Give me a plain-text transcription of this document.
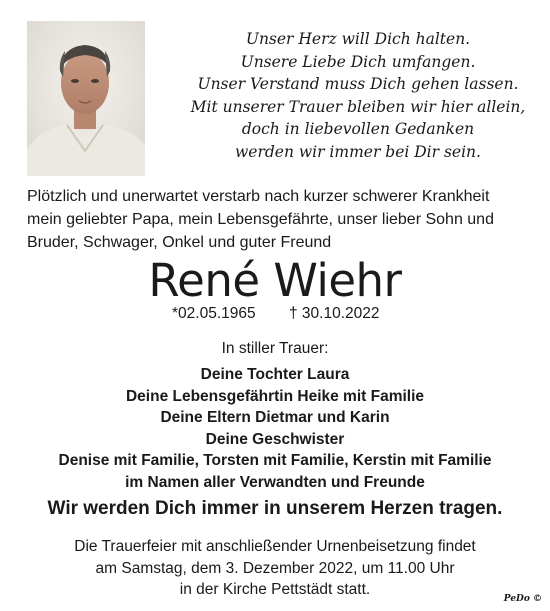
Unser Herz will Dich halten.
Unsere Liebe Dich umfangen.
Unser Verstand muss Dich gehen lassen.
Mit unserer Trauer bleiben wir hier allein,
doch in liebevollen Gedanken
werden wir immer bei Dir sein.
Plötzlich und unerwartet verstarb nach kurzer schwerer Krankheit
mein geliebter Papa, mein Lebensgefährte, unser lieber Sohn und
Bruder, Schwager, Onkel und guter Freund
René Wiehr
*02.05.1965 † 30.10.2022
In stiller Trauer:
Deine Tochter Laura
Deine Lebensgefährtin Heike mit Familie
Deine Eltern Dietmar und Karin
Deine Geschwister
Denise mit Familie, Torsten mit Familie, Kerstin mit Familie
im Namen aller Verwandten und Freunde
Wir werden Dich immer in unserem Herzen tragen.
Die Trauerfeier mit anschließender Urnenbeisetzung findet
am Samstag, dem 3. Dezember 2022, um 11.00 Uhr
in der Kirche Pettstädt statt.
PeDo ©
